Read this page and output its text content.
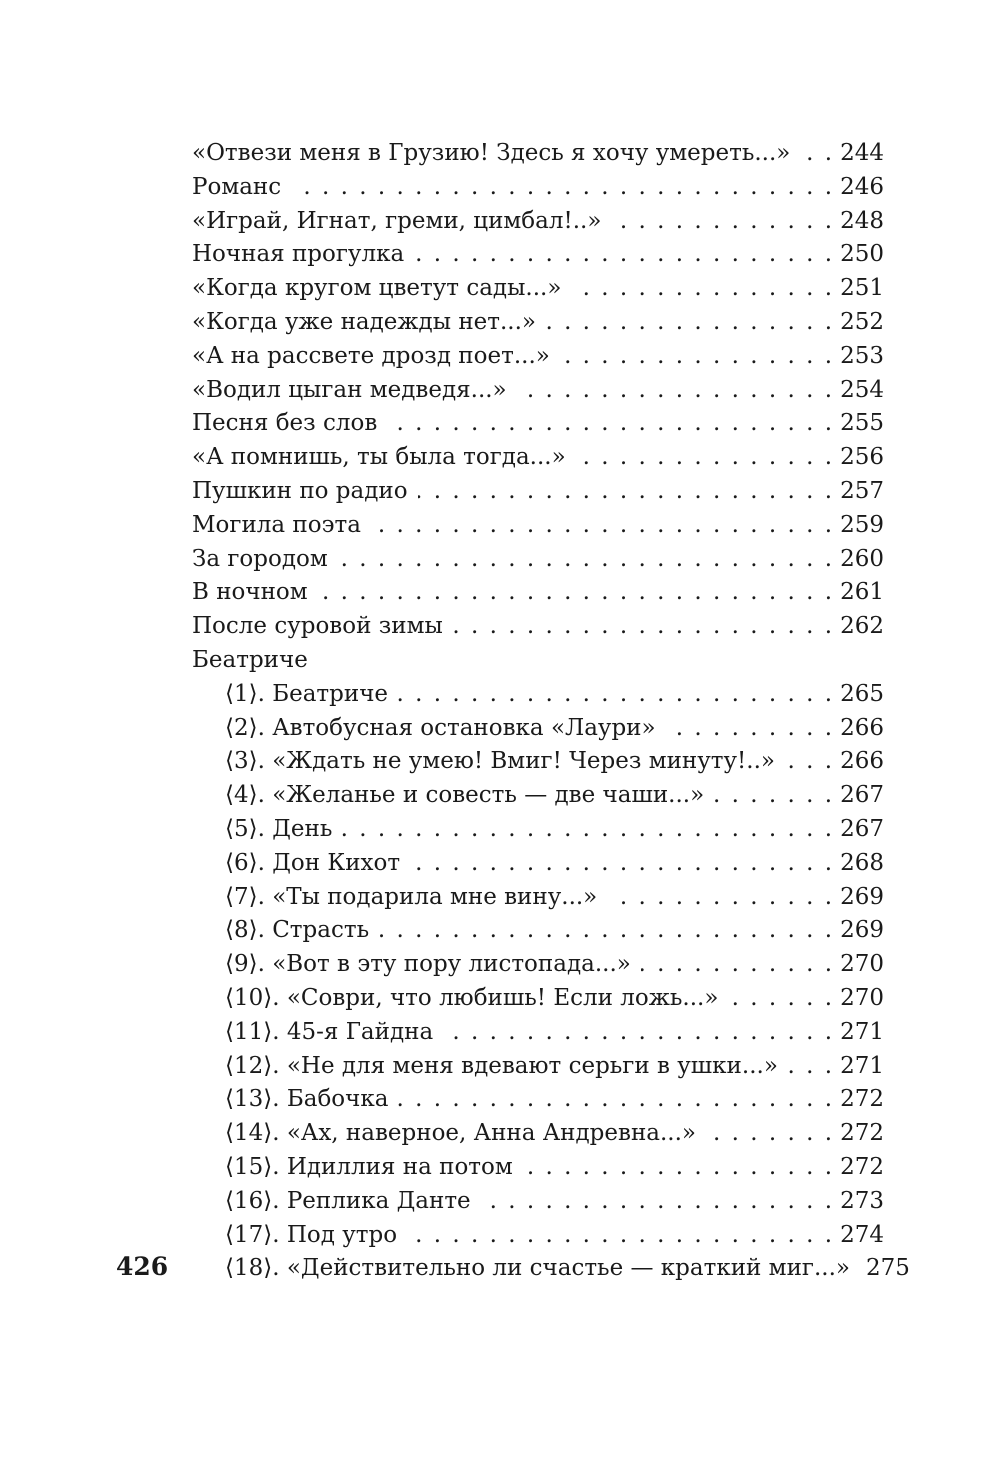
«Отвези меня в Грузию! Здесь я хочу умереть...» . . . 244
Романс . . .	246
«Играй, Игнат, греми, цимбал!..» . . .	248
Ночная прогулка . . .	250
«Когда кругом цветут сады...» . . .	251
«Когда уже надежды нет...» . . .	252
«А на рассвете дрозд поет...» . . .	253
«Водил цыган медведя...» . . .	254
Песня без слов . . .	255
«А помнишь, ты была тогда...» . . .	256
Пушкин по радио . . .	257
Могила поэта . . .	259
За городом . . .	260
В ночном . . .	261
После суровой зимы . . .	262
Беатриче
⟨1⟩. Беатриче . . .	265
⟨2⟩. Автобусная остановка «Лаури» . . .	266
⟨3⟩. «Ждать не умею! Вмиг! Через минуту!..» . . .	266
⟨4⟩. «Желанье и совесть — две чаши...» . . .	267
⟨5⟩. День . . .	267
⟨6⟩. Дон Кихот . . .	268
⟨7⟩. «Ты подарила мне вину...» . . .	269
⟨8⟩. Страсть . . .	269
⟨9⟩. «Вот в эту пору листопада...» . . .	270
⟨10⟩. «Соври, что любишь! Если ложь...» . . .	270
⟨11⟩. 45-я Гайдна . . .	271
⟨12⟩. «Не для меня вдевают серьги в ушки...» . . .	271
⟨13⟩. Бабочка . . .	272
⟨14⟩. «Ах, наверное, Анна Андревна...» . . .	272
⟨15⟩. Идиллия на потом . . .	272
⟨16⟩. Реплика Данте . . .	273
⟨17⟩. Под утро . . .	274
⟨18⟩. «Действительно ли счастье — краткий миг...» 275
426
